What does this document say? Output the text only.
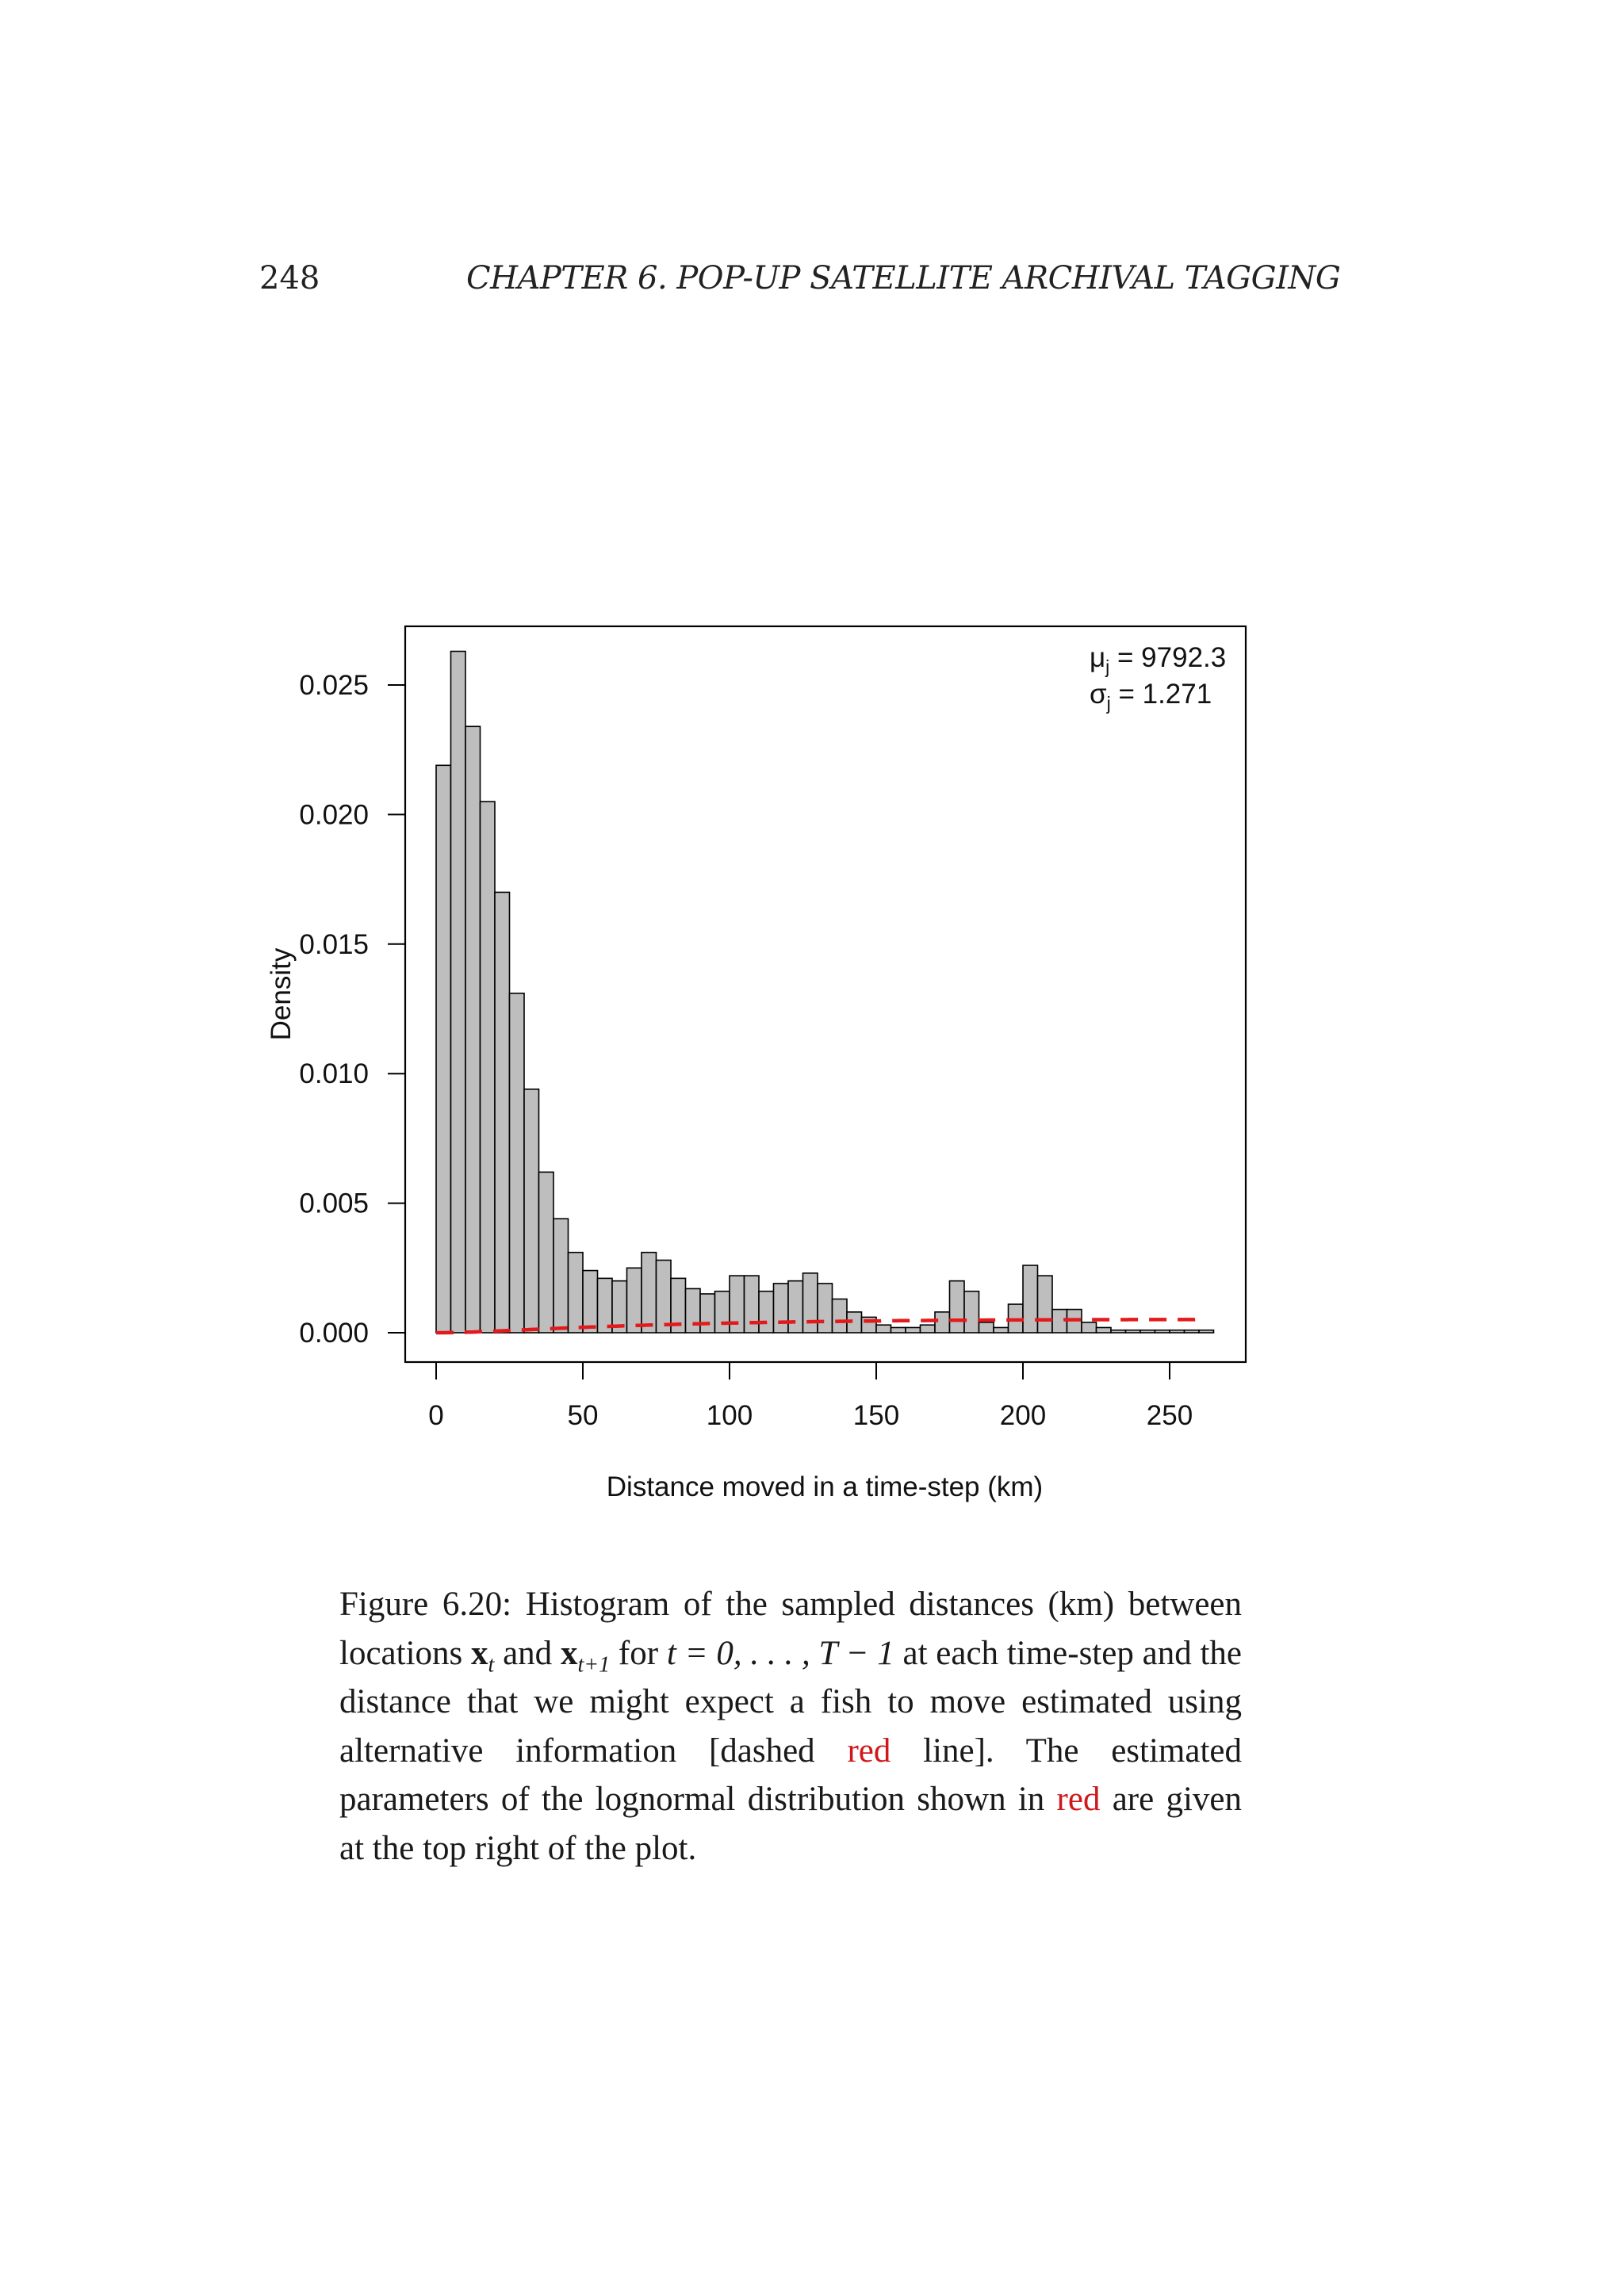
248	CHAPTER 6. POP-UP SATELLITE ARCHIVAL TAGGING
0	50	100	150	200	250
0.000
0.005
0.010
0.015
0.020
0.025
Distance moved in a time-step (km)
Density
$\mu_j = 9792.3$
$\sigma_j = 1.271$
Figure 6.20: Histogram of the sampled distances (km) between locations $x_t$ and $x_{t+1}$ for t = 0, . . . , T − 1 at each time-step and the distance that we might expect a fish to move estimated using alternative information [dashed red line]. The estimated parameters of the lognormal distribution shown in red are given at the top right of the plot.
